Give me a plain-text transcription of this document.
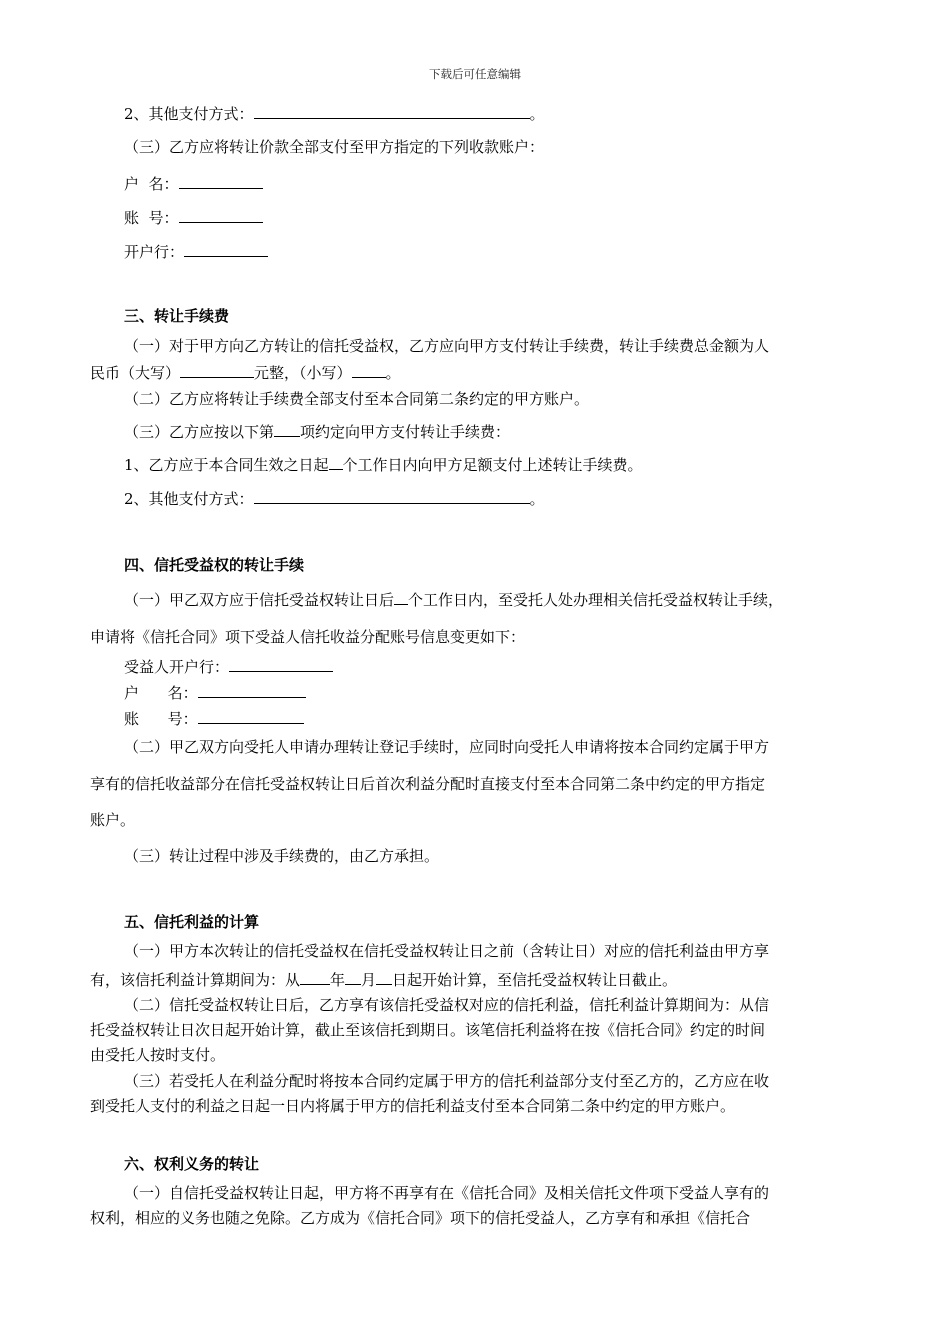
下载后可任意编辑
2、其他支付方式：	。
（三）乙方应将转让价款全部支付至甲方指定的下列收款账户：
户  名：
账  号：
开户行：
三、转让手续费
（一）对于甲方向乙方转让的信托受益权，乙方应向甲方支付转让手续费，转让手续费总金额为人
民币（大写）	元整，（小写） 。
（二）乙方应将转让手续费全部支付至本合同第二条约定的甲方账户。
（三）乙方应按以下第 项约定向甲方支付转让手续费：
1、乙方应于本合同生效之日起 个工作日内向甲方足额支付上述转让手续费。
2、其他支付方式：	。
四、信托受益权的转让手续
（一）甲乙双方应于信托受益权转让日后 个工作日内，至受托人处办理相关信托受益权转让手续，
申请将《信托合同》项下受益人信托收益分配账号信息变更如下：
受益人开户行：
户      名：
账      号：
（二）甲乙双方向受托人申请办理转让登记手续时，应同时向受托人申请将按本合同约定属于甲方
享有的信托收益部分在信托受益权转让日后首次利益分配时直接支付至本合同第二条中约定的甲方指定
账户。
（三）转让过程中涉及手续费的，由乙方承担。
五、信托利益的计算
（一）甲方本次转让的信托受益权在信托受益权转让日之前（含转让日）对应的信托利益由甲方享
有，该信托利益计算期间为：从 年 月 日起开始计算，至信托受益权转让日截止。
（二）信托受益权转让日后，乙方享有该信托受益权对应的信托利益，信托利益计算期间为：从信
托受益权转让日次日起开始计算，截止至该信托到期日。该笔信托利益将在按《信托合同》约定的时间
由受托人按时支付。
（三）若受托人在利益分配时将按本合同约定属于甲方的信托利益部分支付至乙方的，乙方应在收
到受托人支付的利益之日起一日内将属于甲方的信托利益支付至本合同第二条中约定的甲方账户。
六、权利义务的转让
（一）自信托受益权转让日起，甲方将不再享有在《信托合同》及相关信托文件项下受益人享有的
权利，相应的义务也随之免除。乙方成为《信托合同》项下的信托受益人，乙方享有和承担《信托合
